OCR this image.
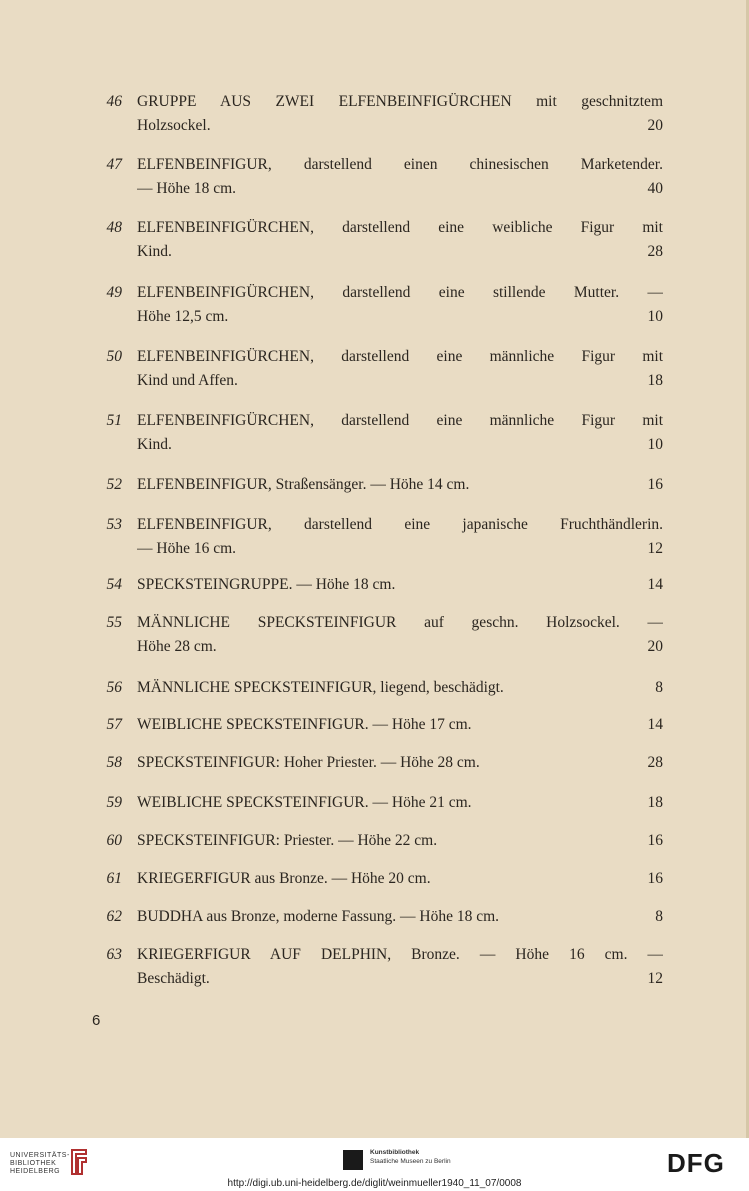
46 GRUPPE AUS ZWEI ELFENBEINFIGÜRCHEN mit geschnitztem
Holzsockel.	20
47 ELFENBEINFIGUR, darstellend einen chinesischen Marketender.
— Höhe 18 cm.	40
48 ELFENBEINFIGÜRCHEN, darstellend eine weibliche Figur mit
Kind.	28
49 ELFENBEINFIGÜRCHEN, darstellend eine stillende Mutter. —
Höhe 12,5 cm.	10
50 ELFENBEINFIGÜRCHEN, darstellend eine männliche Figur mit
Kind und Affen.	18
51 ELFENBEINFIGÜRCHEN, darstellend eine männliche Figur mit
Kind.	10
52 ELFENBEINFIGUR, Straßensänger. — Höhe 14 cm.	16
53 ELFENBEINFIGUR, darstellend eine japanische Fruchthändlerin.
— Höhe 16 cm.	12
54 SPECKSTEINGRUPPE. — Höhe 18 cm.	14
55 MÄNNLICHE SPECKSTEINFIGUR auf geschn. Holzsockel. —
Höhe 28 cm.	20
56 MÄNNLICHE SPECKSTEINFIGUR, liegend, beschädigt.	8
57 WEIBLICHE SPECKSTEINFIGUR. — Höhe 17 cm.	14
58 SPECKSTEINFIGUR: Hoher Priester. — Höhe 28 cm.	28
59 WEIBLICHE SPECKSTEINFIGUR. — Höhe 21 cm.	18
60 SPECKSTEINFIGUR: Priester. — Höhe 22 cm.	16
61 KRIEGERFIGUR aus Bronze. — Höhe 20 cm.	16
62 BUDDHA aus Bronze, moderne Fassung. — Höhe 18 cm.	8
63 KRIEGERFIGUR AUF DELPHIN, Bronze. — Höhe 16 cm. —
Beschädigt.	12
6
UNIVERSITÄTS-
BIBLIOTHEK
HEIDELBERG
Kunstbibliothek
Staatliche Museen zu Berlin	DFG
http://digi.ub.uni-heidelberg.de/diglit/weinmueller1940_11_07/0008
